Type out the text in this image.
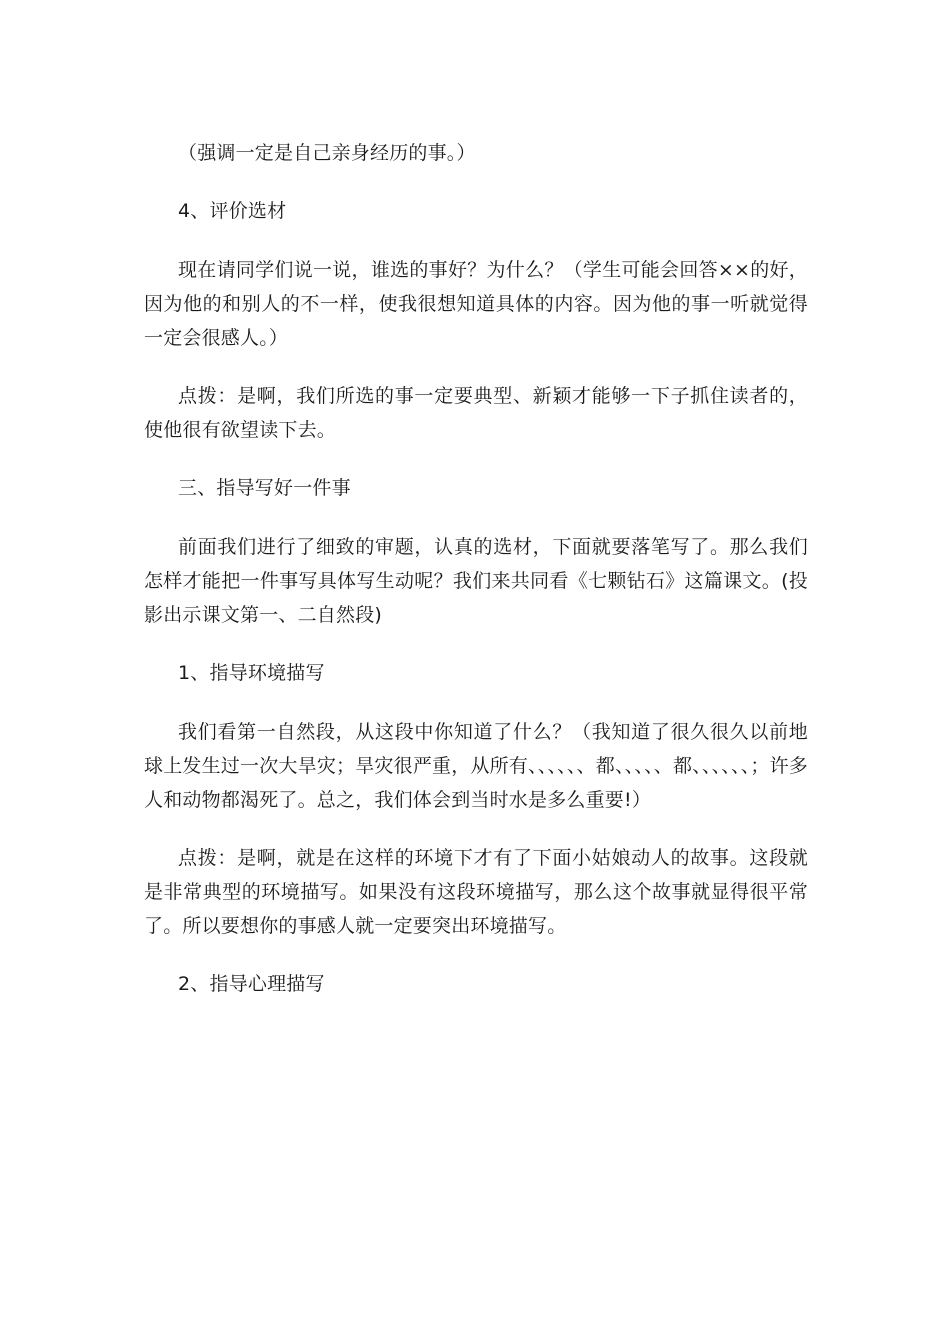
（强调一定是自己亲身经历的事。）

4、评价选材

现在请同学们说一说，谁选的事好？为什么？（学生可能会回答××的好，因为他的和别人的不一样，使我很想知道具体的内容。因为他的事一听就觉得一定会很感人。）

点拨：是啊，我们所选的事一定要典型、新颖才能够一下子抓住读者的，使他很有欲望读下去。

三、指导写好一件事

前面我们进行了细致的审题，认真的选材，下面就要落笔写了。那么我们怎样才能把一件事写具体写生动呢？我们来共同看《七颗钻石》这篇课文。(投影出示课文第一、二自然段)

1、指导环境描写

我们看第一自然段，从这段中你知道了什么？（我知道了很久很久以前地球上发生过一次大旱灾；旱灾很严重，从所有、、、、、、都、、、、、都、、、、、、；许多人和动物都渴死了。总之，我们体会到当时水是多么重要!）

点拨：是啊，就是在这样的环境下才有了下面小姑娘动人的故事。这段就是非常典型的环境描写。如果没有这段环境描写，那么这个故事就显得很平常了。所以要想你的事感人就一定要突出环境描写。

2、指导心理描写
